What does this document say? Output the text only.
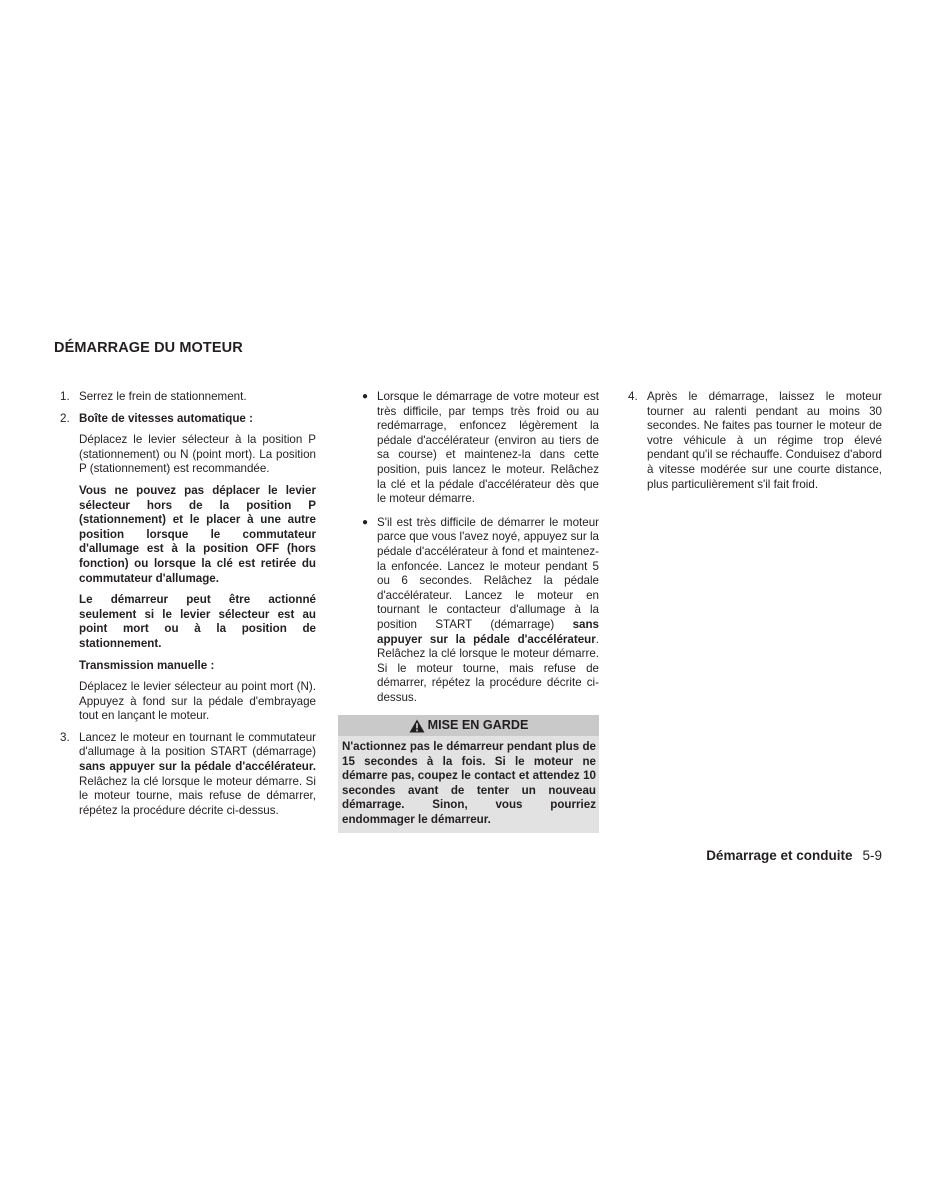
DÉMARRAGE DU MOTEUR
1. Serrez le frein de stationnement.
2. Boîte de vitesses automatique :

Déplacez le levier sélecteur à la position P (stationnement) ou N (point mort). La position P (stationnement) est recommandée.

Vous ne pouvez pas déplacer le levier sélecteur hors de la position P (stationnement) et le placer à une autre position lorsque le commutateur d'allumage est à la position OFF (hors fonction) ou lorsque la clé est retirée du commutateur d'allumage.

Le démarreur peut être actionné seulement si le levier sélecteur est au point mort ou à la position de stationnement.

Transmission manuelle :

Déplacez le levier sélecteur au point mort (N). Appuyez à fond sur la pédale d'embrayage tout en lançant le moteur.

3. Lancez le moteur en tournant le commutateur d'allumage à la position START (démarrage) sans appuyer sur la pédale d'accélérateur. Relâchez la clé lorsque le moteur démarre. Si le moteur tourne, mais refuse de démarrer, répétez la procédure décrite ci-dessus.
● Lorsque le démarrage de votre moteur est très difficile, par temps très froid ou au redémarrage, enfoncez légèrement la pédale d'accélérateur (environ au tiers de sa course) et maintenez-la dans cette position, puis lancez le moteur. Relâchez la clé et la pédale d'accélérateur dès que le moteur démarre.
● S'il est très difficile de démarrer le moteur parce que vous l'avez noyé, appuyez sur la pédale d'accélérateur à fond et maintenez-la enfoncée. Lancez le moteur pendant 5 ou 6 secondes. Relâchez la pédale d'accélérateur. Lancez le moteur en tournant le contacteur d'allumage à la position START (démarrage) sans appuyer sur la pédale d'accélérateur. Relâchez la clé lorsque le moteur démarre. Si le moteur tourne, mais refuse de démarrer, répétez la procédure décrite ci-dessus.
MISE EN GARDE
N'actionnez pas le démarreur pendant plus de 15 secondes à la fois. Si le moteur ne démarre pas, coupez le contact et attendez 10 secondes avant de tenter un nouveau démarrage. Sinon, vous pourriez endommager le démarreur.
4. Après le démarrage, laissez le moteur tourner au ralenti pendant au moins 30 secondes. Ne faites pas tourner le moteur de votre véhicule à un régime trop élevé pendant qu'il se réchauffe. Conduisez d'abord à vitesse modérée sur une courte distance, plus particulièrement s'il fait froid.
Démarrage et conduite 5-9
